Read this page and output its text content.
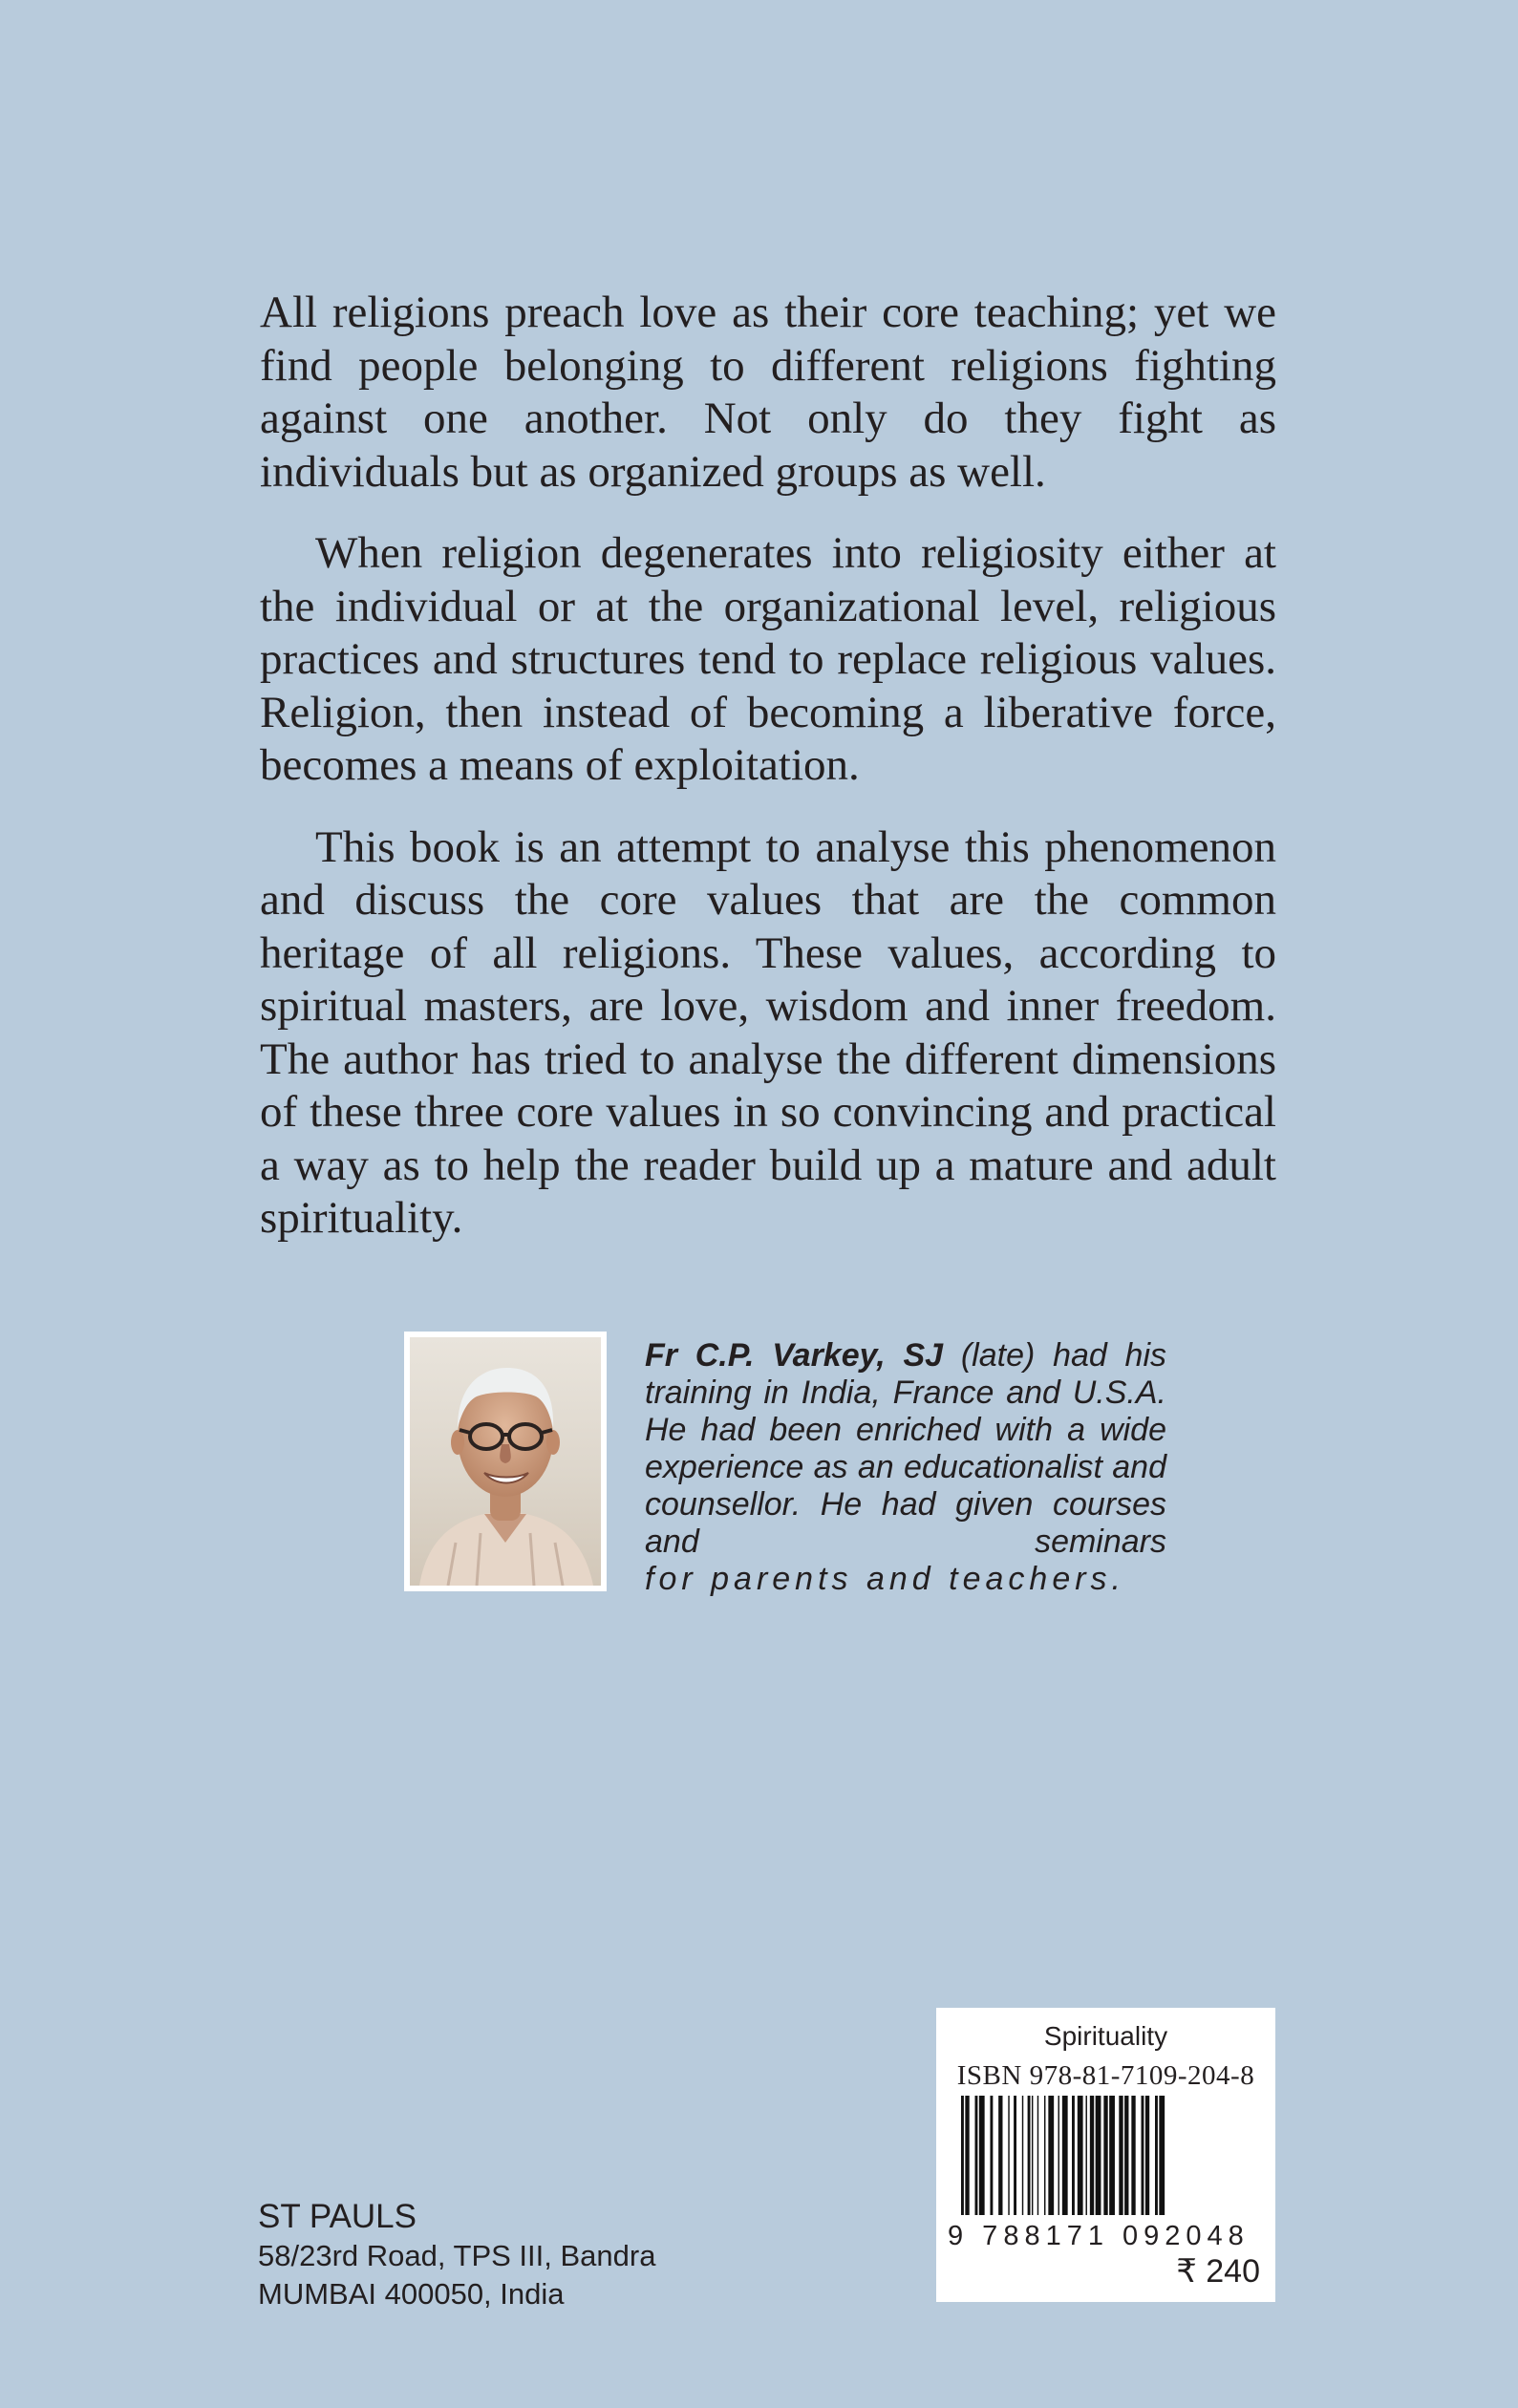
All religions preach love as their core teaching; yet we find people belonging to different religions fighting against one another. Not only do they fight as individuals but as organized groups as well.

When religion degenerates into religiosity either at the individual or at the organizational level, religious practices and structures tend to replace religious values. Religion, then instead of becoming a liberative force, becomes a means of exploitation.

This book is an attempt to analyse this phenomenon and discuss the core values that are the common heritage of all religions. These values, according to spiritual masters, are love, wisdom and inner freedom. The author has tried to analyse the different dimensions of these three core values in so convincing and practical a way as to help the reader build up a mature and adult spirituality.

Fr C.P. Varkey, SJ (late) had his training in India, France and U.S.A. He had been enriched with a wide experience as an educationalist and counsellor. He had given courses and seminars
for parents and teachers.
ST PAULS
58/23rd Road, TPS III, Bandra
MUMBAI 400050, India
Spirituality
ISBN 978-81-7109-204-8
9 788171 092048
₹ 240
